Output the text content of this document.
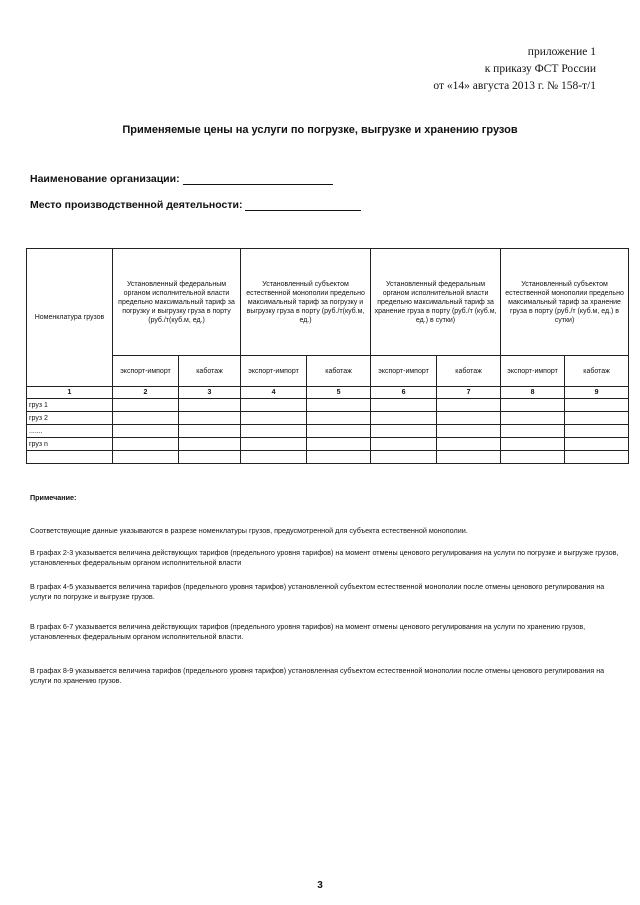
приложение 1
к приказу ФСТ России
от «14» августа 2013 г. № 158-т/1
Применяемые цены на услуги по погрузке, выгрузке и хранению грузов
Наименование организации:
Место производственной деятельности:
Номенклатура грузов	Установленный федеральным органом исполнительной власти предельно максимальный тариф за погрузку и выгрузку груза в порту (руб./т(куб.м, ед.)		Установленный субъектом естественной монополии предельно максимальный тариф за погрузку и выгрузку груза в порту (руб./т(куб.м, ед.)		Установленный федеральным органом исполнительной власти предельно максимальный тариф за хранение груза в порту (руб./т (куб.м, ед.) в сутки)		Установленный субъектом естественной монополии предельно максимальный тариф за хранение груза в порту (руб./т (куб.м, ед.) в сутки)	
	экспорт-импорт	каботаж	экспорт-импорт	каботаж	экспорт-импорт	каботаж	экспорт-импорт	каботаж
1	2	3	4	5	6	7	8	9
груз 1								
груз 2								
.......								
груз n								

Примечание:

Соответствующие данные указываются в разрезе номенклатуры грузов, предусмотренной для субъекта естественной монополии.

В графах 2-3 указывается величина действующих тарифов (предельного уровня тарифов) на момент отмены ценового регулирования на услуги по погрузке и выгрузке грузов, установленных федеральным органом исполнительной власти

В графах 4-5 указывается величина тарифов (предельного уровня тарифов) установленной субъектом естественной монополии после отмены ценового регулирования на услуги по погрузке и выгрузке грузов.

В графах 6-7 указывается величина действующих тарифов (предельного уровня тарифов) на момент отмены ценового регулирования на услуги по хранению грузов, установленных федеральным органом исполнительной власти.

В графах 8-9 указывается величина тарифов (предельного уровня тарифов) установленная субъектом естественной монополии после отмены ценового регулирования на услуги по хранению грузов.

3
